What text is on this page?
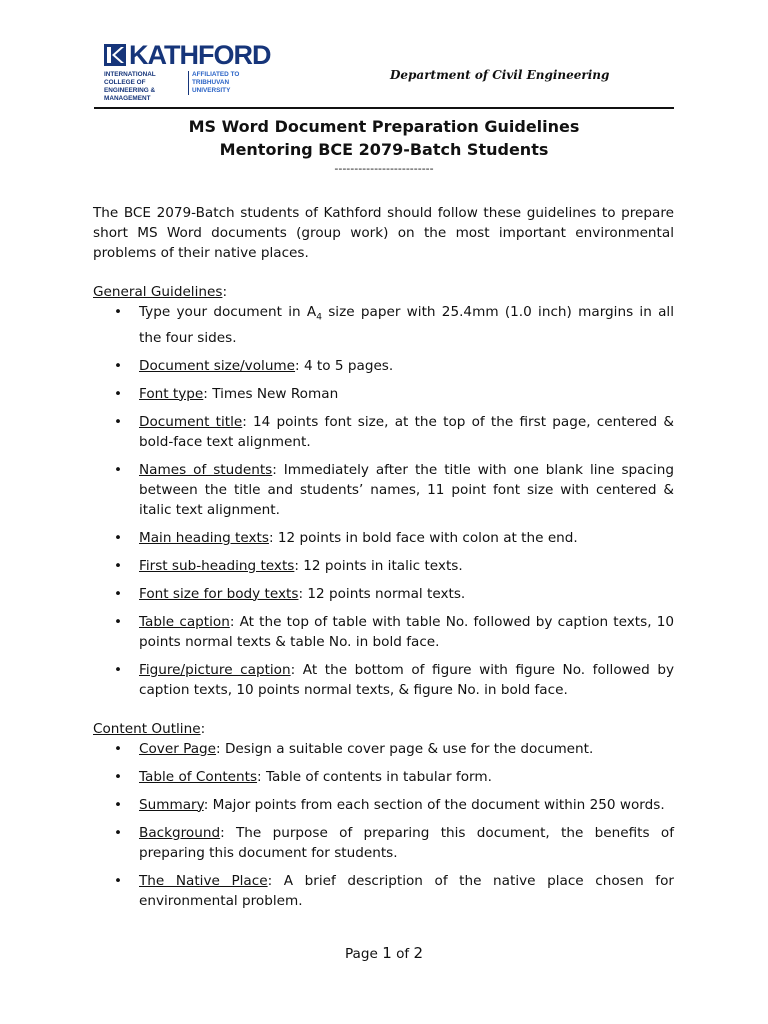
KATHFORD
INTERNATIONAL COLLEGE OF ENGINEERING & MANAGEMENT
AFFILIATED TO TRIBHUVAN UNIVERSITY
Department of Civil Engineering
MS Word Document Preparation Guidelines
Mentoring BCE 2079-Batch Students
-------------------------

The BCE 2079-Batch students of Kathford should follow these guidelines to prepare short MS Word documents (group work) on the most important environmental problems of their native places.

General Guidelines:
• Type your document in $A_4$ size paper with 25.4mm (1.0 inch) margins in all the four sides.
• Document size/volume: 4 to 5 pages.
• Font type: Times New Roman
• Document title: 14 points font size, at the top of the first page, centered & bold-face text alignment.
• Names of students: Immediately after the title with one blank line spacing between the title and students’ names, 11 point font size with centered & italic text alignment.
• Main heading texts: 12 points in bold face with colon at the end.
• First sub-heading texts: 12 points in italic texts.
• Font size for body texts: 12 points normal texts.
• Table caption: At the top of table with table No. followed by caption texts, 10 points normal texts & table No. in bold face.
• Figure/picture caption: At the bottom of figure with figure No. followed by caption texts, 10 points normal texts, & figure No. in bold face.
Content Outline:
• Cover Page: Design a suitable cover page & use for the document.
• Table of Contents: Table of contents in tabular form.
• Summary: Major points from each section of the document within 250 words.
• Background: The purpose of preparing this document, the benefits of preparing this document for students.
• The Native Place: A brief description of the native place chosen for environmental problem.
Page 1 of 2
